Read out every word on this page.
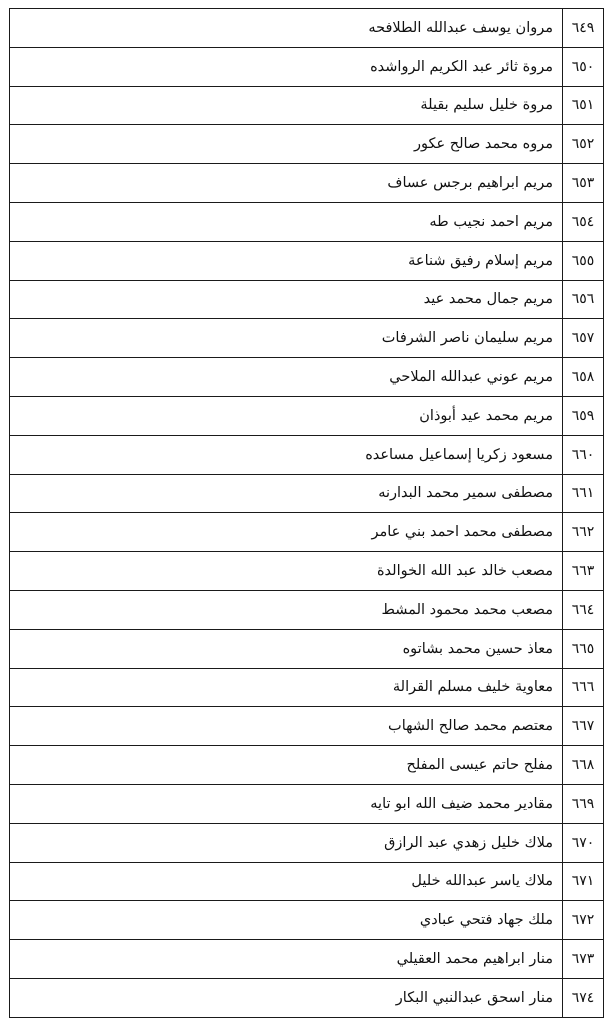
٦٤٩	مروان يوسف عبدالله الطلافحه
٦٥٠	مروة ثائر عبد الكريم الرواشده
٦٥١	مروة خليل سليم بقيلة
٦٥٢	مروه محمد صالح عكور
٦٥٣	مريم ابراهيم برجس عساف
٦٥٤	مريم احمد نجيب طه
٦٥٥	مريم إسلام رفيق شناعة
٦٥٦	مريم جمال محمد عيد
٦٥٧	مريم سليمان ناصر الشرفات
٦٥٨	مريم عوني عبدالله الملاحي
٦٥٩	مريم محمد عيد أبوذان
٦٦٠	مسعود زكريا إسماعيل مساعده
٦٦١	مصطفى سمير محمد البدارنه
٦٦٢	مصطفى محمد احمد بني عامر
٦٦٣	مصعب خالد عبد الله الخوالدة
٦٦٤	مصعب محمد محمود المشط
٦٦٥	معاذ حسين محمد بشاتوه
٦٦٦	معاوية خليف مسلم القرالة
٦٦٧	معتصم محمد صالح الشهاب
٦٦٨	مفلح حاتم عيسى المفلح
٦٦٩	مقادير محمد ضيف الله ابو تايه
٦٧٠	ملاك خليل زهدي عبد الرازق
٦٧١	ملاك ياسر عبدالله خليل
٦٧٢	ملك جهاد فتحي عبادي
٦٧٣	منار ابراهيم محمد العقيلي
٦٧٤	منار اسحق عبدالنبي البكار
